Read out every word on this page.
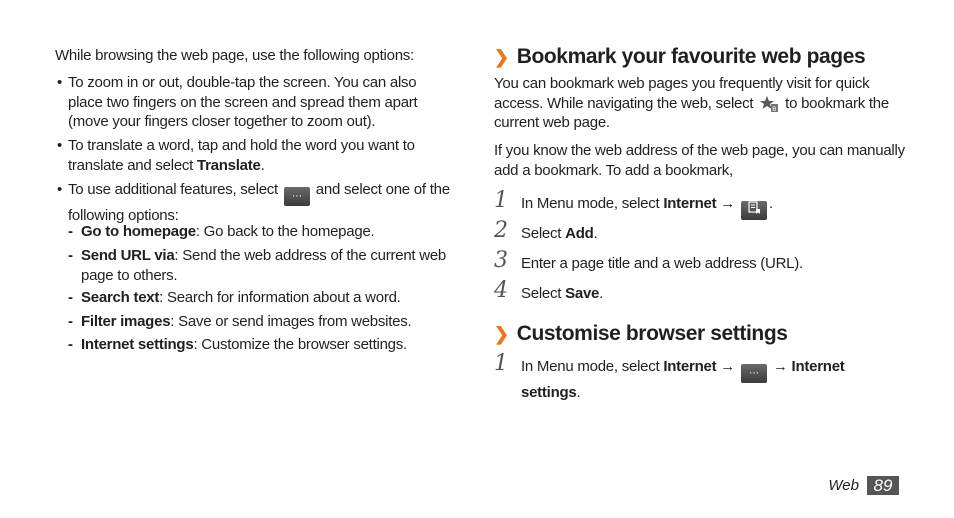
While browsing the web page, use the following options:

• To zoom in or out, double-tap the screen. You can also place two fingers on the screen and spread them apart (move your fingers closer together to zoom out).
• To translate a word, tap and hold the word you want to translate and select Translate.
• To use additional features, select ··· and select one of the following options:
- Go to homepage: Go back to the homepage.
- Send URL via: Send the web address of the current web page to others.
- Search text: Search for information about a word.
- Filter images: Save or send images from websites.
- Internet settings: Customize the browser settings.
❯ Bookmark your favourite web pages

You can bookmark web pages you frequently visit for quick access. While navigating the web, select	B to bookmark the current web page.

If you know the web address of the web page, you can manually add a bookmark. To add a bookmark,

1 In Menu mode, select Internet → .
2 Select Add.
3 Enter a page title and a web address (URL).
4 Select Save.
❯ Customise browser settings
1 In Menu mode, select Internet → ··· → Internet settings.
Web 89
